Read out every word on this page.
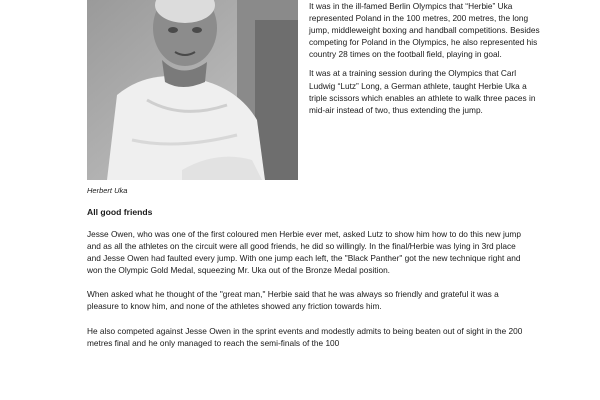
Herbert Uka

It was in the ill-famed Berlin Olympics that “Herbie” Uka represented Poland in the 100 metres, 200 metres, the long jump, middleweight boxing and handball competitions. Besides competing for Poland in the Olympics, he also represented his country 28 times on the football field, playing in goal.

It was at a training session during the Olympics that Carl Ludwig “Lutz” Long, a German athlete, taught Herbie Uka a triple scissors which enables an athlete to walk three paces in mid-air instead of two, thus extending the jump.

All good friends

Jesse Owen, who was one of the first coloured men Herbie ever met, asked Lutz to show him how to do this new jump and as all the athletes on the circuit were all good friends, he did so willingly. In the final/Herbie was lying in 3rd place and Jesse Owen had faulted every jump. With one jump each left, the "Black Panther" got the new technique right and won the Olympic Gold Medal, squeezing Mr. Uka out of the Bronze Medal position.

When asked what he thought of the "great man," Herbie said that he was always so friendly and grateful it was a pleasure to know him, and none of the athletes showed any friction towards him.

He also competed against Jesse Owen in the sprint events and modestly admits to being beaten out of sight in the 200 metres final and he only managed to reach the semi-finals of the 100
